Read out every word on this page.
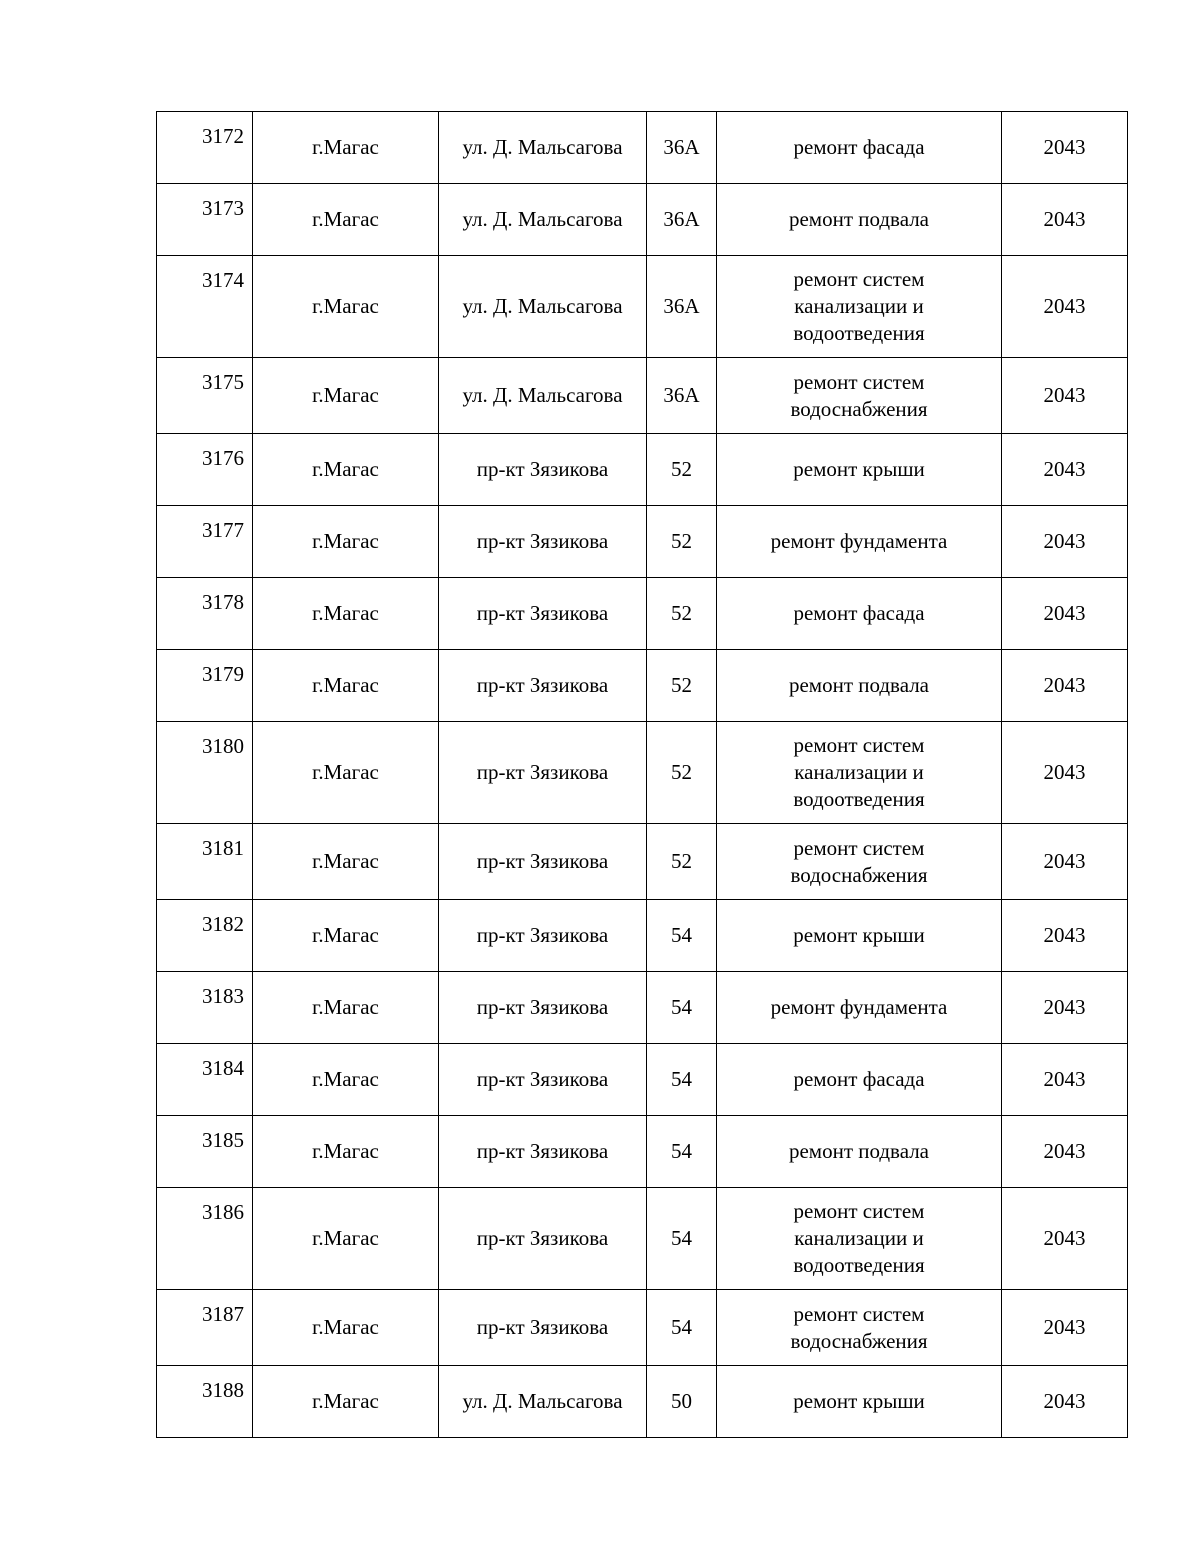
3172	г.Магас	ул. Д. Мальсагова	36А	ремонт фасада	2043
3173	г.Магас	ул. Д. Мальсагова	36А	ремонт подвала	2043
3174	г.Магас	ул. Д. Мальсагова	36А	ремонт систем
канализации и
водоотведения	2043
3175	г.Магас	ул. Д. Мальсагова	36А	ремонт систем
водоснабжения	2043
3176	г.Магас	пр-кт Зязикова	52	ремонт крыши	2043
3177	г.Магас	пр-кт Зязикова	52	ремонт фундамента	2043
3178	г.Магас	пр-кт Зязикова	52	ремонт фасада	2043
3179	г.Магас	пр-кт Зязикова	52	ремонт подвала	2043
3180	г.Магас	пр-кт Зязикова	52	ремонт систем
канализации и
водоотведения	2043
3181	г.Магас	пр-кт Зязикова	52	ремонт систем
водоснабжения	2043
3182	г.Магас	пр-кт Зязикова	54	ремонт крыши	2043
3183	г.Магас	пр-кт Зязикова	54	ремонт фундамента	2043
3184	г.Магас	пр-кт Зязикова	54	ремонт фасада	2043
3185	г.Магас	пр-кт Зязикова	54	ремонт подвала	2043
3186	г.Магас	пр-кт Зязикова	54	ремонт систем
канализации и
водоотведения	2043
3187	г.Магас	пр-кт Зязикова	54	ремонт систем
водоснабжения	2043
3188	г.Магас	ул. Д. Мальсагова	50	ремонт крыши	2043
